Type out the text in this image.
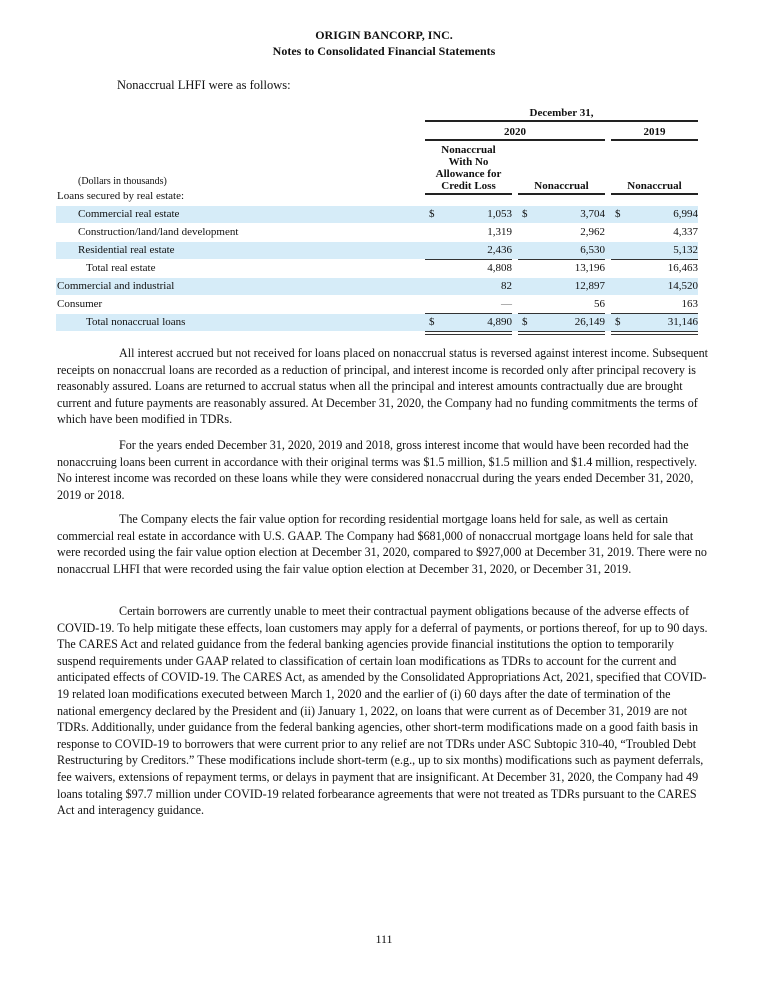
ORIGIN BANCORP, INC.
Notes to Consolidated Financial Statements
Nonaccrual LHFI were as follows:
December 31,
2020	2019
Nonaccrual
With No
Allowance for
Credit Loss	Nonaccrual	Nonaccrual
(Dollars in thousands)
Loans secured by real estate:
Commercial real estate	$	1,053 $	3,704 $	6,994
Construction/land/land development	1,319	2,962	4,337
Residential real estate	2,436	6,530	5,132
Total real estate	4,808	13,196	16,463
Commercial and industrial	82	12,897	14,520
Consumer	—	56	163
Total nonaccrual loans	$	4,890 $	26,149 $	31,146
All interest accrued but not received for loans placed on nonaccrual status is reversed against interest income. Subsequent receipts on nonaccrual loans are recorded as a reduction of principal, and interest income is recorded only after principal recovery is reasonably assured. Loans are returned to accrual status when all the principal and interest amounts contractually due are brought current and future payments are reasonably assured. At December 31, 2020, the Company had no funding commitments the terms of which have been modified in TDRs.
For the years ended December 31, 2020, 2019 and 2018, gross interest income that would have been recorded had the nonaccruing loans been current in accordance with their original terms was $1.5 million, $1.5 million and $1.4 million, respectively. No interest income was recorded on these loans while they were considered nonaccrual during the years ended December 31, 2020, 2019 or 2018.
The Company elects the fair value option for recording residential mortgage loans held for sale, as well as certain commercial real estate in accordance with U.S. GAAP. The Company had $681,000 of nonaccrual mortgage loans held for sale that were recorded using the fair value option election at December 31, 2020, compared to $927,000 at December 31, 2019. There were no nonaccrual LHFI that were recorded using the fair value option election at December 31, 2020, or December 31, 2019.
Certain borrowers are currently unable to meet their contractual payment obligations because of the adverse effects of COVID-19. To help mitigate these effects, loan customers may apply for a deferral of payments, or portions thereof, for up to 90 days. The CARES Act and related guidance from the federal banking agencies provide financial institutions the option to temporarily suspend requirements under GAAP related to classification of certain loan modifications as TDRs to account for the current and anticipated effects of COVID-19. The CARES Act, as amended by the Consolidated Appropriations Act, 2021, specified that COVID-19 related loan modifications executed between March 1, 2020 and the earlier of (i) 60 days after the date of termination of the national emergency declared by the President and (ii) January 1, 2022, on loans that were current as of December 31, 2019 are not TDRs. Additionally, under guidance from the federal banking agencies, other short-term modifications made on a good faith basis in response to COVID-19 to borrowers that were current prior to any relief are not TDRs under ASC Subtopic 310-40, “Troubled Debt Restructuring by Creditors.” These modifications include short-term (e.g., up to six months) modifications such as payment deferrals, fee waivers, extensions of repayment terms, or delays in payment that are insignificant. At December 31, 2020, the Company had 49 loans totaling $97.7 million under COVID-19 related forbearance agreements that were not treated as TDRs pursuant to the CARES Act and interagency guidance.
111
